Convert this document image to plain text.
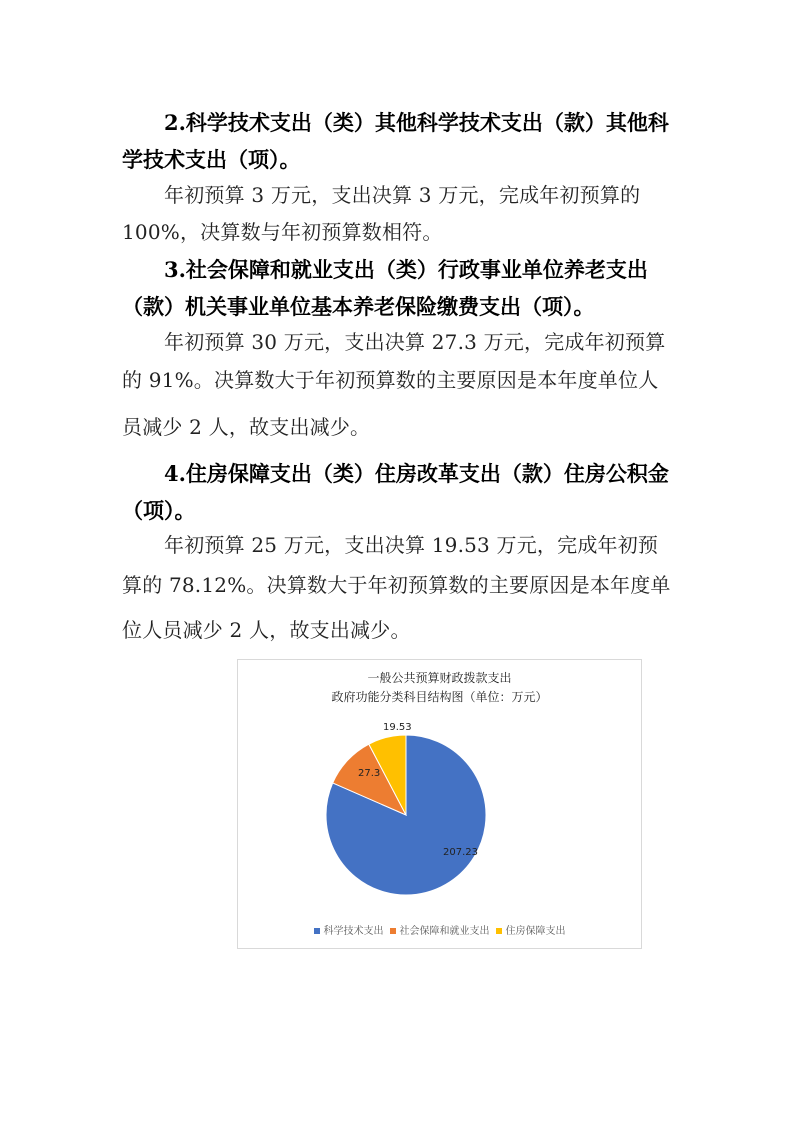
2.科学技术支出（类）其他科学技术支出（款）其他科

学技术支出（项）。

年初预算 3 万元，支出决算 3 万元，完成年初预算的

100%，决算数与年初预算数相符。

3.社会保障和就业支出（类）行政事业单位养老支出

（款）机关事业单位基本养老保险缴费支出（项）。

年初预算 30 万元，支出决算 27.3 万元，完成年初预算

的 91%。决算数大于年初预算数的主要原因是本年度单位人

员减少 2 人，故支出减少。

4.住房保障支出（类）住房改革支出（款）住房公积金

（项）。

年初预算 25 万元，支出决算 19.53 万元，完成年初预

算的 78.12%。决算数大于年初预算数的主要原因是本年度单

位人员减少 2 人，故支出减少。

一般公共预算财政拨款支出
政府功能分类科目结构图（单位：万元）
207.23
27.3
19.53
科学技术支出 社会保障和就业支出 住房保障支出
